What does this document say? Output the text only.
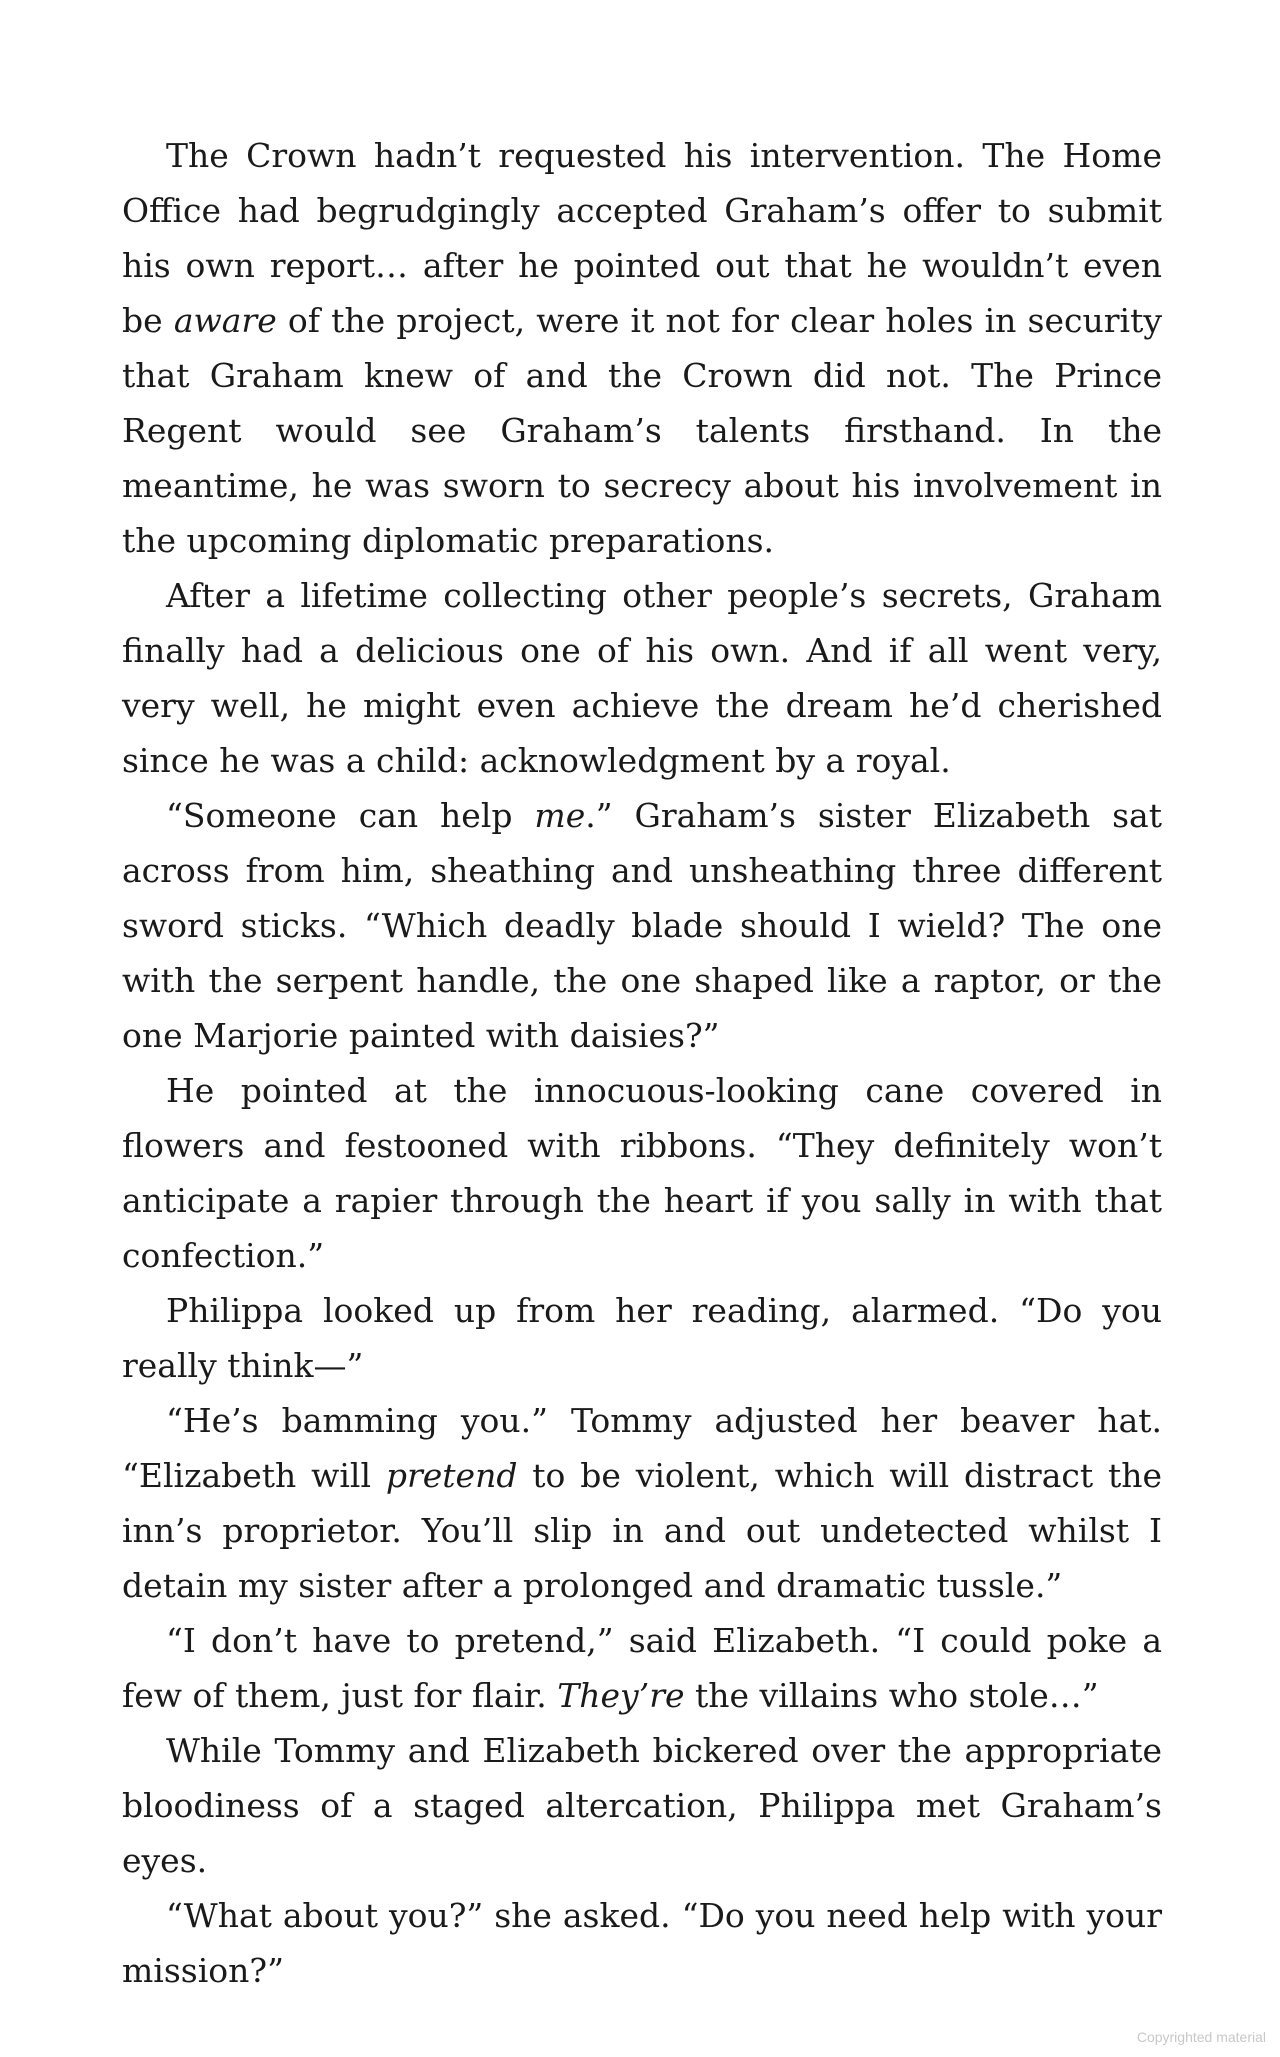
The Crown hadn’t requested his intervention. The Home Office had begrudgingly accepted Graham’s offer to submit his own report… after he pointed out that he wouldn’t even be aware of the project, were it not for clear holes in security that Graham knew of and the Crown did not. The Prince Regent would see Graham’s talents firsthand. In the meantime, he was sworn to secrecy about his involvement in the upcoming diplomatic preparations.

After a lifetime collecting other people’s secrets, Graham finally had a delicious one of his own. And if all went very, very well, he might even achieve the dream he’d cherished since he was a child: acknowledgment by a royal.

“Someone can help me.” Graham’s sister Elizabeth sat across from him, sheathing and unsheathing three different sword sticks. “Which deadly blade should I wield? The one with the serpent handle, the one shaped like a raptor, or the one Marjorie painted with daisies?”

He pointed at the innocuous-looking cane covered in flowers and festooned with ribbons. “They definitely won’t anticipate a rapier through the heart if you sally in with that confection.”

Philippa looked up from her reading, alarmed. “Do you really think—”

“He’s bamming you.” Tommy adjusted her beaver hat. “Elizabeth will pretend to be violent, which will distract the inn’s proprietor. You’ll slip in and out undetected whilst I detain my sister after a prolonged and dramatic tussle.”

“I don’t have to pretend,” said Elizabeth. “I could poke a few of them, just for flair. They’re the villains who stole…”

While Tommy and Elizabeth bickered over the appropriate bloodiness of a staged altercation, Philippa met Graham’s eyes.

“What about you?” she asked. “Do you need help with your mission?”

Copyrighted material
